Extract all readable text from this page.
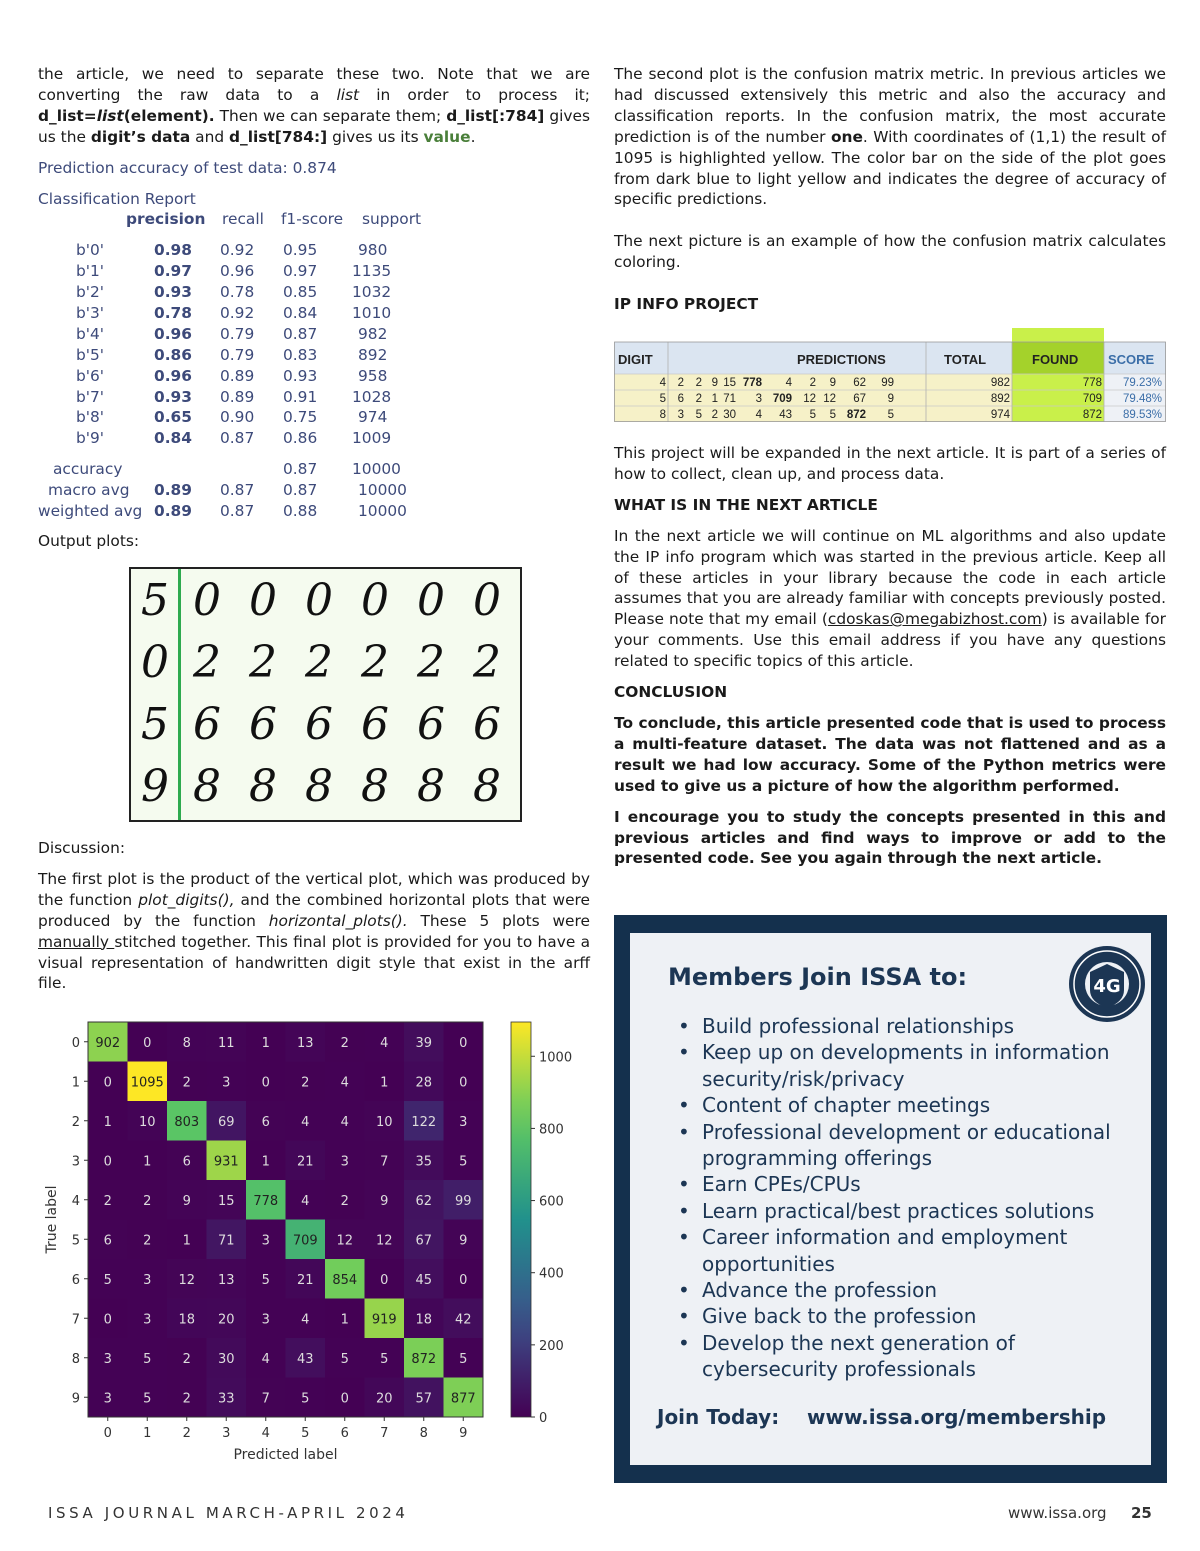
the article, we need to separate these two. Note that we are converting the raw data to a list in order to process it; d_list=list(element). Then we can separate them; d_list[:784] gives us the digit’s data and d_list[784:] gives us its value.

Prediction accuracy of test data: 0.874

Classification Report
precision recall f1-score support
b'0'	0.98 0.92 0.95	980
b'1'	0.97 0.96 0.97 1135
b'2'	0.93 0.78 0.85 1032
b'3'	0.78 0.92 0.84 1010
b'4'	0.96 0.79 0.87	982
b'5'	0.86 0.79 0.83	892
b'6'	0.96 0.89 0.93	958
b'7'	0.93 0.89 0.91 1028
b'8'	0.65 0.90 0.75	974
b'9'	0.84 0.87 0.86 1009
accuracy	0.87 10000
macro avg 0.89 0.87 0.87	10000
weighted avg 0.89 0.87 0.88	10000

Output plots:

5 0 0 0 0 0 0
0 2 2 2 2 2 2
5 6 6 6 6 6 6
9 8 8 8 8 8 8

Discussion:

The first plot is the product of the vertical plot, which was produced by the function plot_digits(), and the combined horizontal plots that were produced by the function horizontal_plots(). These 5 plots were manually stitched together. This final plot is provided for you to have a visual representation of handwritten digit style that exist in the arff file.

902 0 8 11 1 13 2 4 39 0
0 1095 2 3 0 2 4 1 28 0
1 10 803 69 6 4 4 10 122 3
0 1 6 931 1 21 3 7 35 5
2 2 9 15 778 4 2 9 62 99
6 2 1 71 3 709 12 12 67 9
5 3 12 13 5 21 854 0 45 0
0 3 18 20 3 4 1 919 18 42
3 5 2 30 4 43 5 5 872 5
3 5 2 33 7 5 0 20 57 877
0 1 2 3 4 5 6 7 8 9
0
1
2
3
4
5
6
7
8
9
Predicted label
True label
0
200
400
600
800
1000

The second plot is the confusion matrix metric. In previous articles we had discussed extensively this metric and also the accuracy and classification reports. In the confusion matrix, the most accurate prediction is of the number one. With coordinates of (1,1) the result of 1095 is highlighted yellow. The color bar on the side of the plot goes from dark blue to light yellow and indicates the degree of accuracy of specific predictions.

The next picture is an example of how the confusion matrix calculates coloring.

IP INFO PROJECT

DIGIT	PREDICTIONS	TOTAL	FOUND SCORE
4 2 2 9 15 778 4 2 9 62 99	982	778 79.23%
5 6 2 1 71 3 709 12 12 67 9	892	709 79.48%
8 3 5 2 30 4 43 5 5 872 5	974	872 89.53%

This project will be expanded in the next article. It is part of a series of how to collect, clean up, and process data.

WHAT IS IN THE NEXT ARTICLE

In the next article we will continue on ML algorithms and also update the IP info program which was started in the previous article. Keep all of these articles in your library because the code in each article assumes that you are already familiar with concepts previously posted. Please note that my email (cdoskas@megabizhost.com) is available for your comments. Use this email address if you have any questions related to specific topics of this article.

CONCLUSION

To conclude, this article presented code that is used to process a multi-feature dataset. The data was not flattened and as a result we had low accuracy. Some of the Python metrics were used to give us a picture of how the algorithm performed.

I encourage you to study the concepts presented in this and previous articles and find ways to improve or add to the presented code. See you again through the next article.

Members Join ISSA to:	4G
• Build professional relationships
• Keep up on developments in information security/risk/privacy
• Content of chapter meetings
• Professional development or educational programming offerings
• Earn CPEs/CPUs
• Learn practical/best practices solutions
• Career information and employment opportunities
• Advance the profession
• Give back to the profession
• Develop the next generation of cybersecurity professionals
Join Today: www.issa.org/membership
ISSA JOURNAL MARCH-APRIL 2024	www.issa.org 25
